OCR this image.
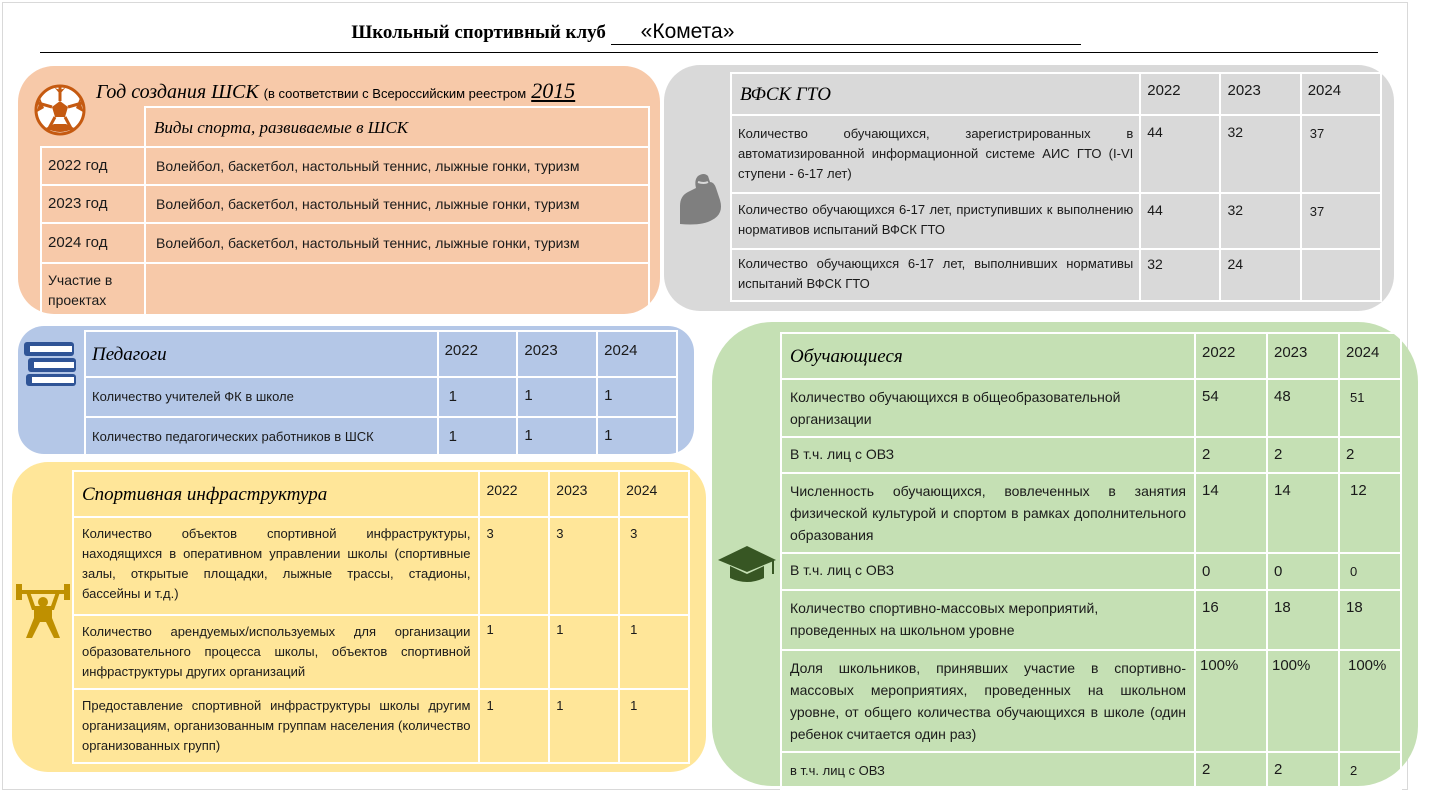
Школьный спортивный клуб «Комета»
Год создания ШСК (в соответствии с Всероссийским реестром 2015
	Виды спорта, развиваемые в ШСК
2022 год	Волейбол, баскетбол, настольный теннис, лыжные гонки, туризм
2023 год	Волейбол, баскетбол, настольный теннис, лыжные гонки, туризм
2024 год	Волейбол, баскетбол, настольный теннис, лыжные гонки, туризм
Участие в проектах	
ВФСК ГТО	2022	2023	2024
Количество обучающихся, зарегистрированных в автоматизированной информационной системе АИС ГТО (I-VI ступени - 6-17 лет)	44	32	37
Количество обучающихся 6-17 лет, приступивших к выполнению нормативов испытаний ВФСК ГТО	44	32	37
Количество обучающихся 6-17 лет, выполнивших нормативы испытаний ВФСК ГТО	32	24	
Педагоги	2022	2023	2024
Количество учителей ФК в школе	1	1	1
Количество педагогических работников в ШСК	1	1	1
Спортивная инфраструктура	2022	2023	2024
Количество объектов спортивной инфраструктуры, находящихся в оперативном управлении школы (спортивные залы, открытые площадки, лыжные трассы, стадионы, бассейны и т.д.)	3	3	3
Количество арендуемых/используемых для организации образовательного процесса школы, объектов спортивной инфраструктуры других организаций	1	1	1
Предоставление спортивной инфраструктуры школы другим организациям, организованным группам населения (количество организованных групп)	1	1	1
Обучающиеся	2022	2023	2024
Количество обучающихся в общеобразовательной организации	54	48	51
В т.ч. лиц с ОВЗ	2	2	2
Численность обучающихся, вовлеченных в занятия физической культурой и спортом в рамках дополнительного образования	14	14	12
В т.ч. лиц с ОВЗ	0	0	0
Количество спортивно-массовых мероприятий, проведенных на школьном уровне	16	18	18
Доля школьников, принявших участие в спортивно-массовых мероприятиях, проведенных на школьном уровне, от общего количества обучающихся в школе (один ребенок считается один раз)	100%	100%	100%
в т.ч. лиц с ОВЗ	2	2	2
